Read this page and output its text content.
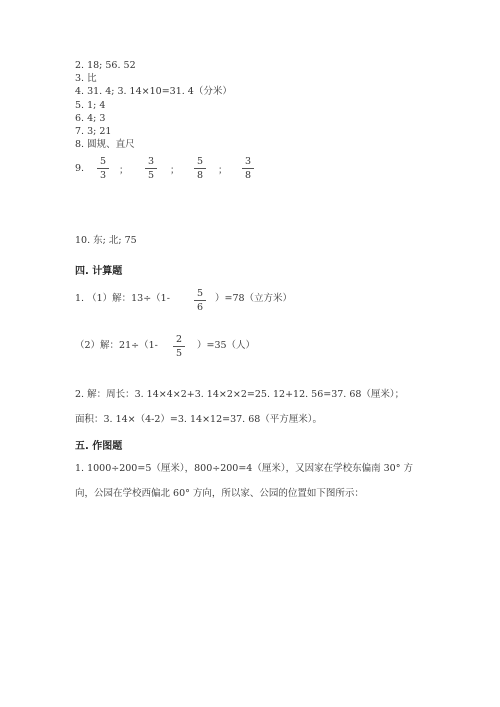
2. 18; 56. 52
3. 比
4. 31. 4; 3. 14×10=31. 4（分米）
5. 1; 4
6. 4; 3
7. 3; 21
8. 圆规、直尺
9.
5
3	；
3
5	；
5
8	；
3
8
10. 东; 北; 75
四. 计算题
1. （1）解：13÷（1-	5
6
）=78（立方米）
（2）解：21÷（1-
2
5
）=35（人）
2. 解：周长：3. 14×4×2+3. 14×2×2=25. 12+12. 56=37. 68（厘米）；
面积：3. 14×（4-2）=3. 14×12=37. 68（平方厘米）。
五. 作图题
1. 1000÷200=5（厘米），800÷200=4（厘米），又因家在学校东偏南 30° 方
向，公园在学校西偏北 60° 方向，所以家、公园的位置如下图所示：
